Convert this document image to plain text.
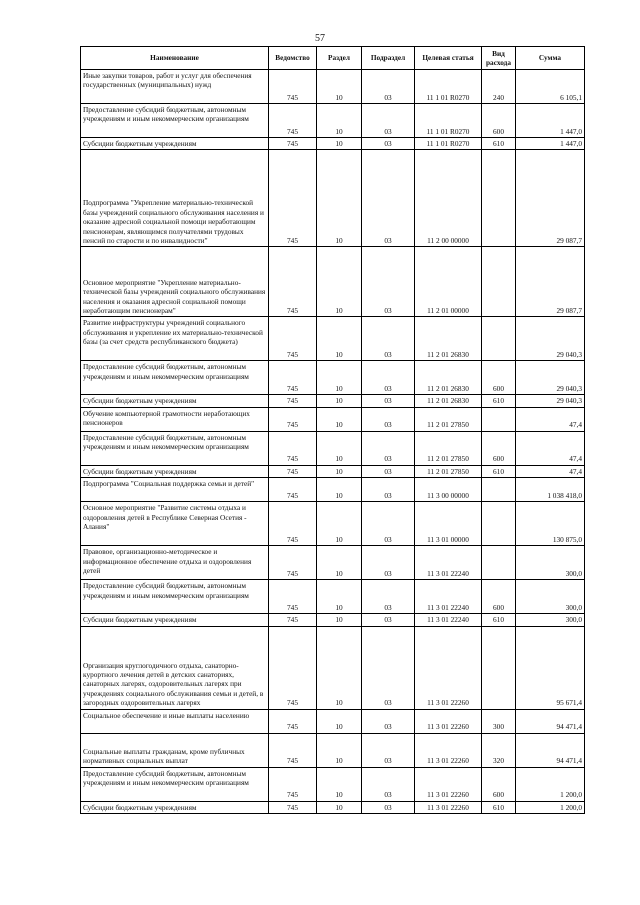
57
Наименование	Ведомство	Раздел	Подраздел	Целевая статья	Вид расхода	Сумма
Иные закупки товаров, работ и услуг для обеспечения государственных (муниципальных) нужд	745	10	03	11 1 01 R0270	240	6 105,1
Предоставление субсидий бюджетным, автономным учреждениям и иным некоммерческим организациям	745	10	03	11 1 01 R0270	600	1 447,0
Субсидии бюджетным учреждениям	745	10	03	11 1 01 R0270	610	1 447,0
Подпрограмма "Укрепление материально-технической базы учреждений социального обслуживания населения и оказание адресной социальной помощи неработающим пенсионерам, являющимся получателями трудовых пенсий по старости и по инвалидности"	745	10	03	11 2 00 00000		29 087,7
Основное мероприятие "Укрепление материально-технической базы учреждений социального обслуживания населения и оказания адресной социальной помощи неработающим пенсионерам"	745	10	03	11 2 01 00000		29 087,7
Развитие инфраструктуры учреждений социального обслуживания и укрепление их материально-технической базы (за счет средств республиканского бюджета)	745	10	03	11 2 01 26830		29 040,3
Предоставление субсидий бюджетным, автономным учреждениям и иным некоммерческим организациям	745	10	03	11 2 01 26830	600	29 040,3
Субсидии бюджетным учреждениям	745	10	03	11 2 01 26830	610	29 040,3
Обучение компьютерной грамотности неработающих пенсионеров	745	10	03	11 2 01 27850		47,4
Предоставление субсидий бюджетным, автономным учреждениям и иным некоммерческим организациям	745	10	03	11 2 01 27850	600	47,4
Субсидии бюджетным учреждениям	745	10	03	11 2 01 27850	610	47,4
Подпрограмма "Социальная поддержка семьи и детей"	745	10	03	11 3 00 00000		1 038 418,0
Основное мероприятие "Развитие системы отдыха и оздоровления детей в Республике Северная Осетия - Алания"	745	10	03	11 3 01 00000		130 875,0
Правовое, организационно-методическое и информационное обеспечение отдыха и оздоровления детей	745	10	03	11 3 01 22240		300,0
Предоставление субсидий бюджетным, автономным учреждениям и иным некоммерческим организациям	745	10	03	11 3 01 22240	600	300,0
Субсидии бюджетным учреждениям	745	10	03	11 3 01 22240	610	300,0
Организация круглогодичного отдыха, санаторно-курортного лечения детей в детских санаториях, санаторных лагерях, оздоровительных лагерях при учреждениях социального обслуживания семьи и детей, в загородных оздоровительных лагерях	745	10	03	11 3 01 22260		95 671,4
Социальное обеспечение и иные выплаты населению	745	10	03	11 3 01 22260	300	94 471,4
Социальные выплаты гражданам, кроме публичных нормативных социальных выплат	745	10	03	11 3 01 22260	320	94 471,4
Предоставление субсидий бюджетным, автономным учреждениям и иным некоммерческим организациям	745	10	03	11 3 01 22260	600	1 200,0
Субсидии бюджетным учреждениям	745	10	03	11 3 01 22260	610	1 200,0
